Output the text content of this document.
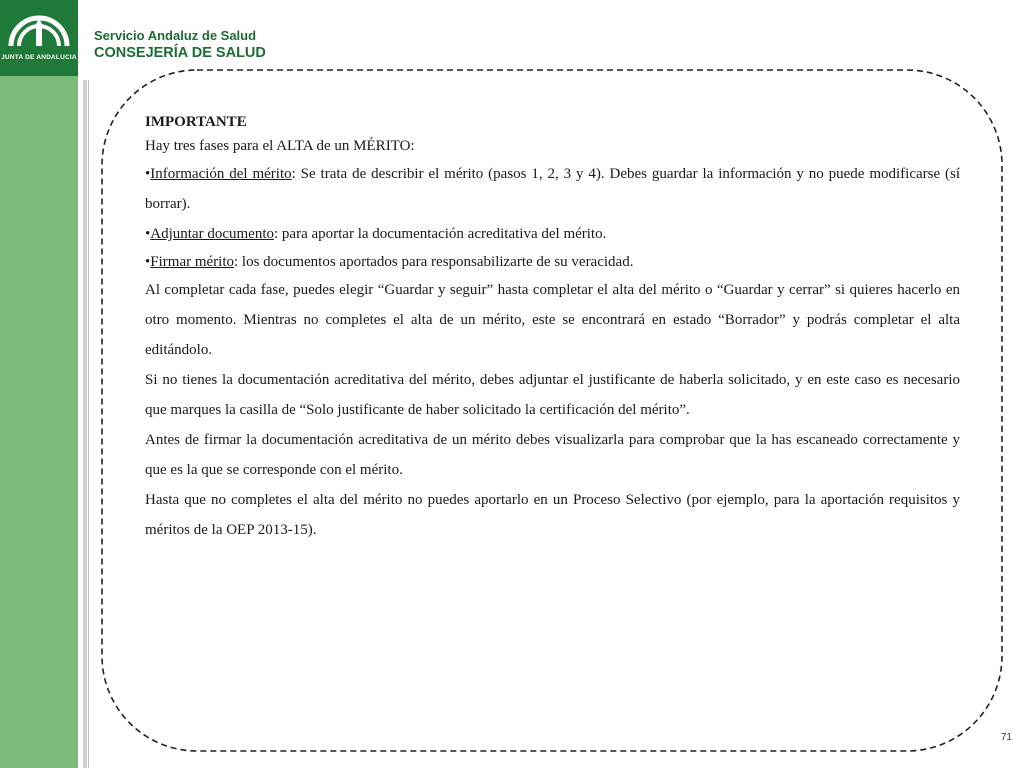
JUNTA DE ANDALUCIA
Servicio Andaluz de Salud
CONSEJERÍA DE SALUD

IMPORTANTE

Hay tres fases para el ALTA de un MÉRITO:

•Información del mérito: Se trata de describir el mérito (pasos 1, 2, 3 y 4). Debes guardar la información y no puede modificarse (sí borrar).

•Adjuntar documento: para aportar la documentación acreditativa del mérito.

•Firmar mérito: los documentos aportados para responsabilizarte de su veracidad.

Al completar cada fase, puedes elegir “Guardar y seguir” hasta completar el alta del mérito o “Guardar y cerrar” si quieres hacerlo en otro momento. Mientras no completes el alta de un mérito, este se encontrará en estado “Borrador” y podrás completar el alta editándolo.

Si no tienes la documentación acreditativa del mérito, debes adjuntar el justificante de haberla solicitado, y en este caso es necesario que marques la casilla de “Solo justificante de haber solicitado la certificación del mérito”.

Antes de firmar la documentación acreditativa de un mérito debes visualizarla para comprobar que la has escaneado correctamente y que es la que se corresponde con el mérito.

Hasta que no completes el alta del mérito no puedes aportarlo en un Proceso Selectivo (por ejemplo, para la aportación requisitos y méritos de la OEP 2013-15).

71
